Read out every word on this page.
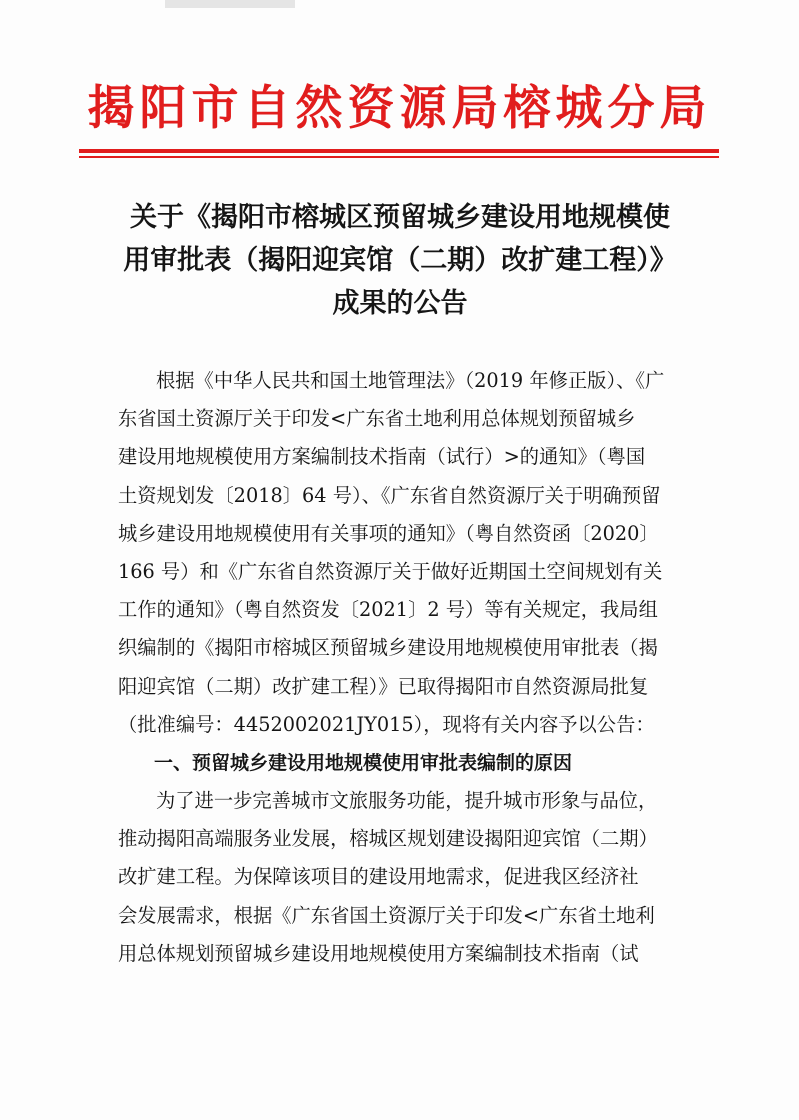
揭阳市自然资源局榕城分局
关于《揭阳市榕城区预留城乡建设用地规模使
用审批表（揭阳迎宾馆（二期）改扩建工程）》
成果的公告
根据《中华人民共和国土地管理法》（2019 年修正版）、《广
东省国土资源厅关于印发<广东省土地利用总体规划预留城乡
建设用地规模使用方案编制技术指南（试行）>的通知》（粤国
土资规划发〔2018〕64 号）、《广东省自然资源厅关于明确预留
城乡建设用地规模使用有关事项的通知》（粤自然资函〔2020〕
166 号）和《广东省自然资源厅关于做好近期国土空间规划有关
工作的通知》（粤自然资发〔2021〕2 号）等有关规定，我局组
织编制的《揭阳市榕城区预留城乡建设用地规模使用审批表（揭
阳迎宾馆（二期）改扩建工程）》已取得揭阳市自然资源局批复
（批准编号：4452002021JY015），现将有关内容予以公告：
一、预留城乡建设用地规模使用审批表编制的原因
为了进一步完善城市文旅服务功能，提升城市形象与品位，
推动揭阳高端服务业发展，榕城区规划建设揭阳迎宾馆（二期）
改扩建工程。为保障该项目的建设用地需求，促进我区经济社
会发展需求，根据《广东省国土资源厅关于印发<广东省土地利
用总体规划预留城乡建设用地规模使用方案编制技术指南（试
